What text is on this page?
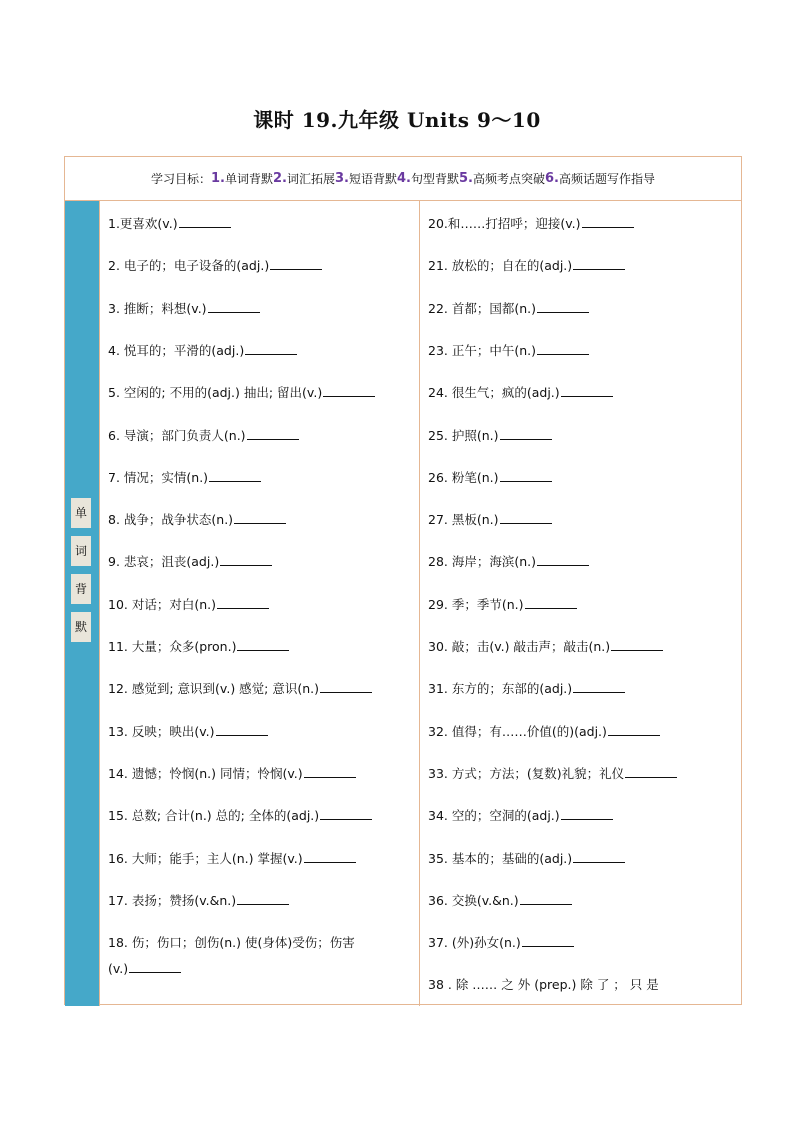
课时 19.九年级 Units 9～10
学习目标： 1. 单词背默 2. 词汇拓展 3. 短语背默 4. 句型背默 5. 高频考点突破 6. 高频话题写作指导
单
词
背
默
1.更喜欢(v.)
2. 电子的；电子设备的(adj.)
3. 推断；料想(v.)
4. 悦耳的；平滑的(adj.)
5. 空闲的; 不用的(adj.) 抽出; 留出(v.)
6. 导演；部门负责人(n.)
7. 情况；实情(n.)
8. 战争；战争状态(n.)
9. 悲哀；沮丧(adj.)
10. 对话；对白(n.)
11. 大量；众多(pron.)
12. 感觉到; 意识到(v.) 感觉; 意识(n.)
13. 反映；映出(v.)
14. 遗憾；怜悯(n.) 同情；怜悯(v.)
15. 总数; 合计(n.) 总的; 全体的(adj.)
16. 大师；能手；主人(n.) 掌握(v.)
17. 表扬；赞扬(v.&n.)
18. 伤；伤口；创伤(n.) 使(身体)受伤；伤害
(v.)
20.和……打招呼；迎接(v.)
21. 放松的；自在的(adj.)
22. 首都；国都(n.)
23. 正午；中午(n.)
24. 很生气；疯的(adj.)
25. 护照(n.)
26. 粉笔(n.)
27. 黑板(n.)
28. 海岸；海滨(n.)
29. 季；季节(n.)
30. 敲；击(v.) 敲击声；敲击(n.)
31. 东方的；东部的(adj.)
32. 值得；有……价值(的)(adj.)
33. 方式；方法；(复数)礼貌；礼仪
34. 空的；空洞的(adj.)
35. 基本的；基础的(adj.)
36. 交换(v.&n.)
37. (外)孙女(n.)
38 . 除 …… 之 外 (prep.) 除 了 ； 只 是
